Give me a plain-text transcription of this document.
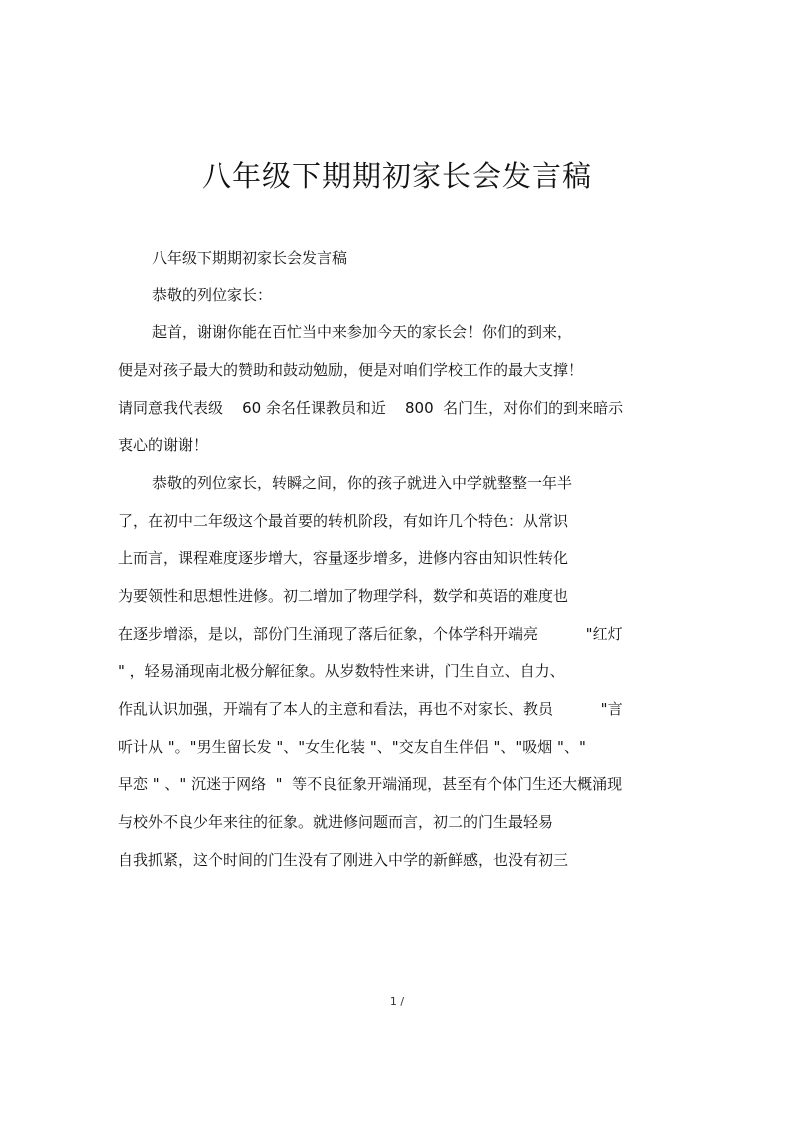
八年级下期期初家长会发言稿
八年级下期期初家长会发言稿
恭敬的列位家长：
起首，谢谢你能在百忙当中来参加今天的家长会！你们的到来，
便是对孩子最大的赞助和鼓动勉励，便是对咱们学校工作的最大支撑！
请同意我代表级    60 余名任课教员和近    800  名门生，对你们的到来暗示
衷心的谢谢！
恭敬的列位家长，转瞬之间，你的孩子就进入中学就整整一年半
了，在初中二年级这个最首要的转机阶段，有如许几个特色：从常识
上而言，课程难度逐步增大，容量逐步增多，进修内容由知识性转化
为要领性和思想性进修。初二增加了物理学科，数学和英语的难度也
在逐步增添，是以，部份门生涌现了落后征象，个体学科开端亮          "红灯
" ，轻易涌现南北极分解征象。从岁数特性来讲，门生自立、自力、
作乱认识加强，开端有了本人的主意和看法，再也不对家长、教员          "言
听计从 "。"男生留长发 "、"女生化装 "、"交友自生伴侣 "、"吸烟 "、"
早恋 " 、" 沉迷于网络  "  等不良征象开端涌现，甚至有个体门生还大概涌现
与校外不良少年来往的征象。就进修问题而言，初二的门生最轻易
自我抓紧，这个时间的门生没有了刚进入中学的新鲜感，也没有初三
1 /
